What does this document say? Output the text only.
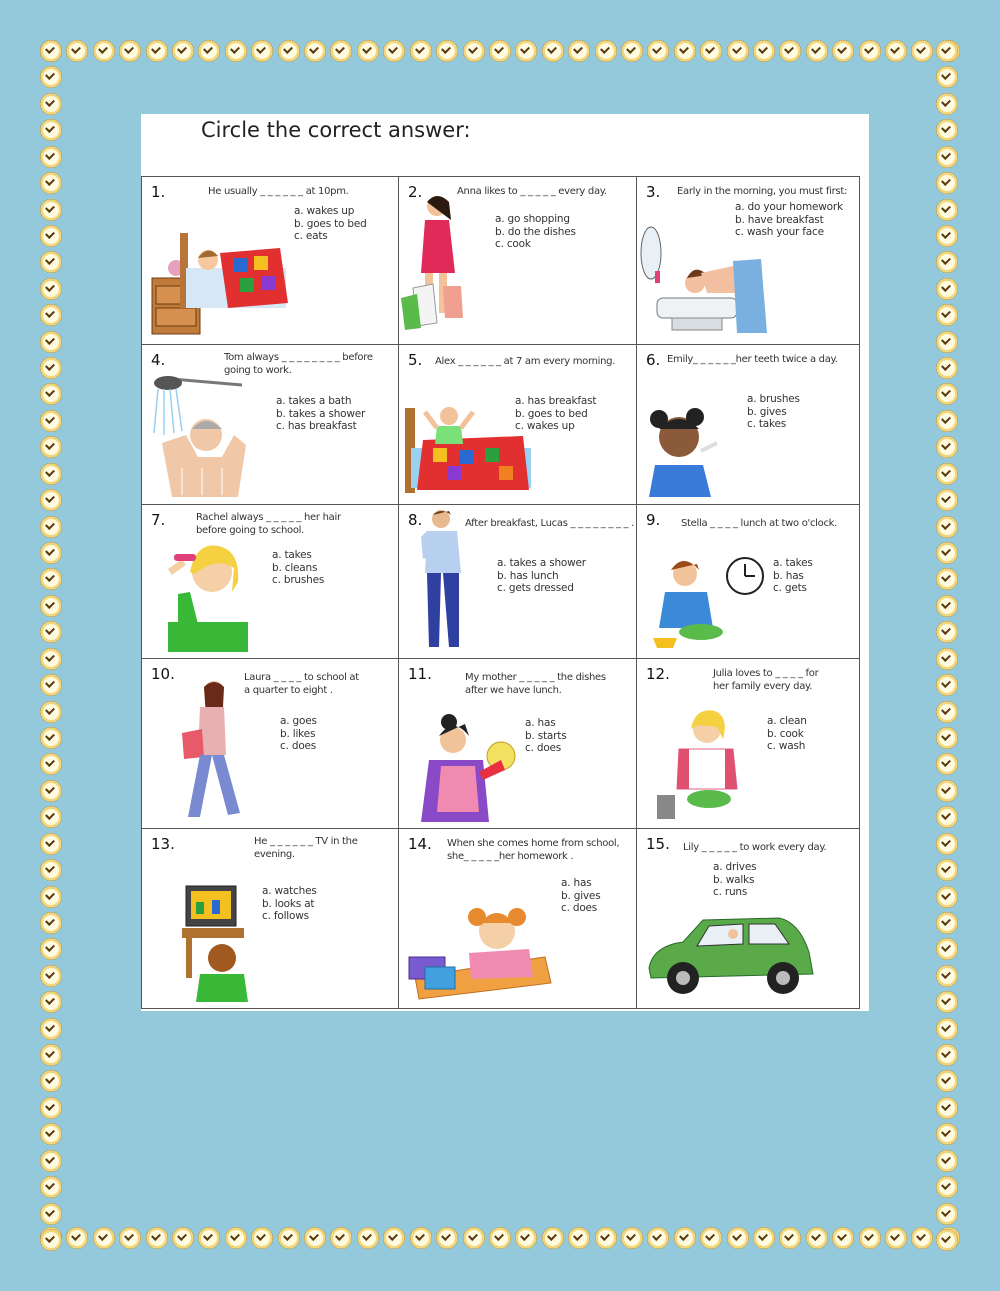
Circle the correct answer:
1.	He usually _ _ _ _ _ _ at 10pm.
a. wakes up
b. goes to bed
c. eats
2.	Anna likes to _ _ _ _ _ every day.
a. go shopping
b. do the dishes
c. cook
3. Early in the morning, you must first:
a. do your homework
b. have breakfast
c. wash your face
4.	Tom always _ _ _ _ _ _ _ _ before
going to work.
a. takes a bath
b. takes a shower
c. has breakfast
5. Alex _ _ _ _ _ _ at 7 am every morning.
a. has breakfast
b. goes to bed
c. wakes up
6. Emily_ _ _ _ _ _her teeth twice a day.
a. brushes
b. gives
c. takes
7.	Rachel always _ _ _ _ _ her hair
before going to school.
a. takes
b. cleans
c. brushes
8.	After breakfast, Lucas _ _ _ _ _ _ _ _ .
a. takes a shower
b. has lunch
c. gets dressed
9. Stella _ _ _ _ lunch at two o'clock.
a. takes
b. has
c. gets
10.	Laura _ _ _ _ to school at
a quarter to eight .
a. goes
b. likes
c. does
11.	My mother _ _ _ _ _ the dishes
after we have lunch.
a. has
b. starts
c. does
12.	Julia loves to _ _ _ _ for
her family every day.
a. clean
b. cook
c. wash
13.	He _ _ _ _ _ _ TV in the
evening.
a. watches
b. looks at
c. follows
14. When she comes home from school,
she_ _ _ _ _her homework .
a. has
b. gives
c. does
15. Lily _ _ _ _ _ to work every day.
a. drives
b. walks
c. runs
